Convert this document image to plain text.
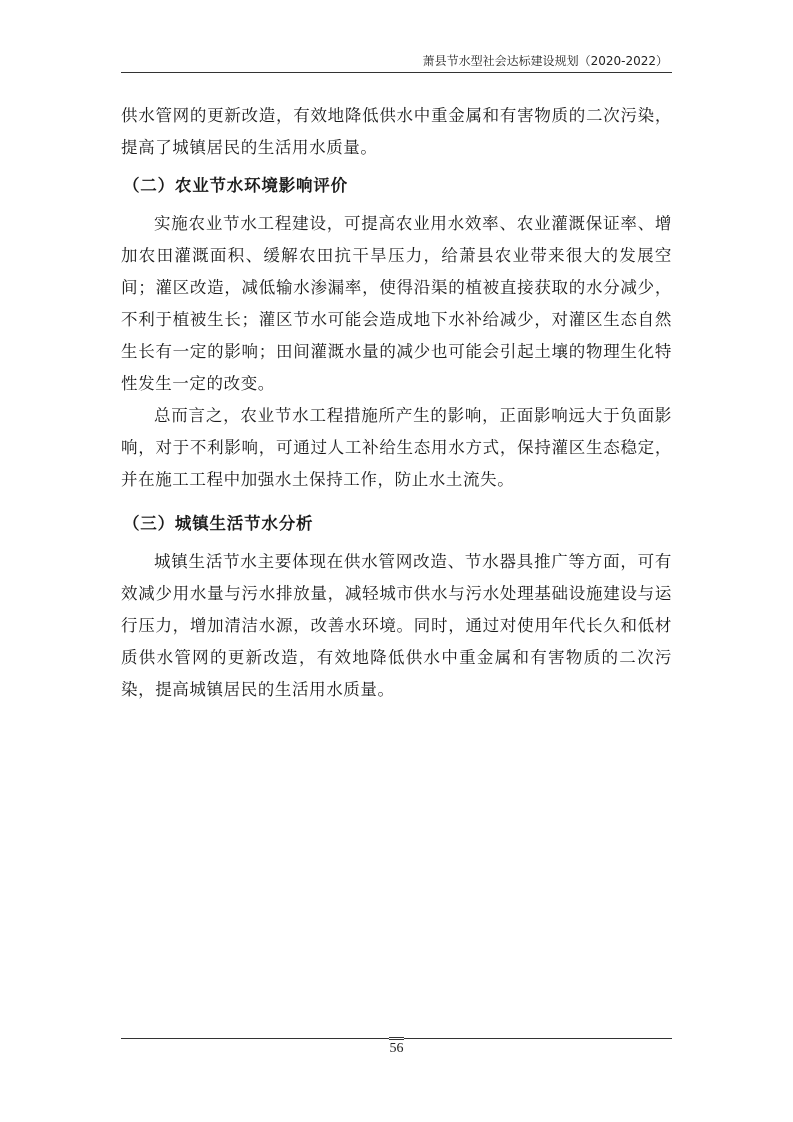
萧县节水型社会达标建设规划（2020-2022）

供水管网的更新改造，有效地降低供水中重金属和有害物质的二次污染，提高了城镇居民的生活用水质量。

（二）农业节水环境影响评价

实施农业节水工程建设，可提高农业用水效率、农业灌溉保证率、增加农田灌溉面积、缓解农田抗干旱压力，给萧县农业带来很大的发展空间；灌区改造，减低输水渗漏率，使得沿渠的植被直接获取的水分减少，不利于植被生长；灌区节水可能会造成地下水补给减少，对灌区生态自然生长有一定的影响；田间灌溉水量的减少也可能会引起土壤的物理生化特性发生一定的改变。

总而言之，农业节水工程措施所产生的影响，正面影响远大于负面影响，对于不利影响，可通过人工补给生态用水方式，保持灌区生态稳定，并在施工工程中加强水土保持工作，防止水土流失。

（三）城镇生活节水分析

城镇生活节水主要体现在供水管网改造、节水器具推广等方面，可有效减少用水量与污水排放量，减轻城市供水与污水处理基础设施建设与运行压力，增加清洁水源，改善水环境。同时，通过对使用年代长久和低材质供水管网的更新改造，有效地降低供水中重金属和有害物质的二次污染，提高城镇居民的生活用水质量。

56
